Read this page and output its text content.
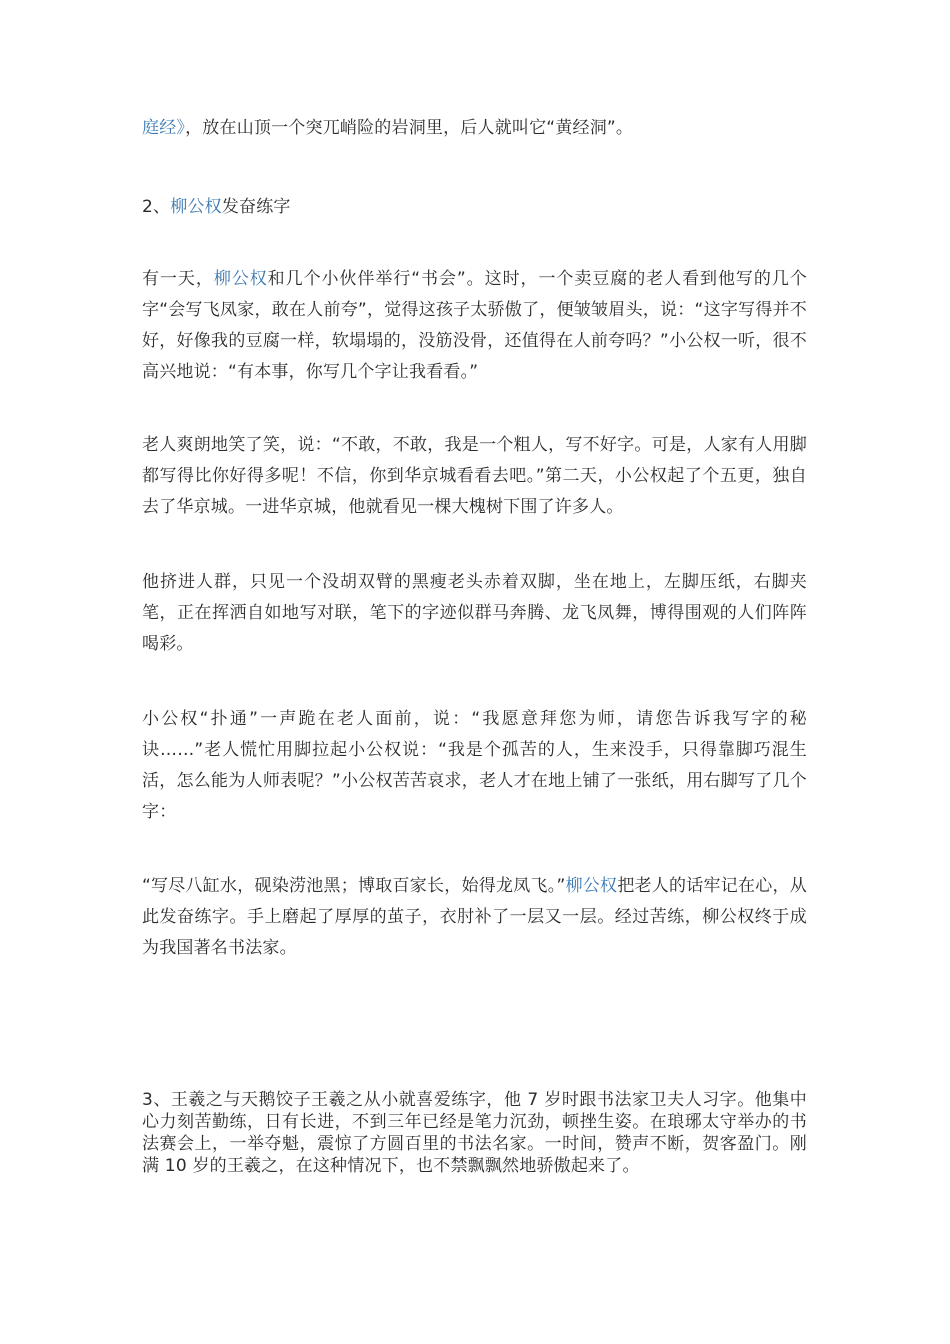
庭经》，放在山顶一个突兀峭险的岩洞里，后人就叫它“黄经洞”。

2、柳公权发奋练字

有一天，柳公权和几个小伙伴举行“书会”。这时，一个卖豆腐的老人看到他写的几个字“会写飞凤家，敢在人前夸”，觉得这孩子太骄傲了，便皱皱眉头，说：“这字写得并不好，好像我的豆腐一样，软塌塌的，没筋没骨，还值得在人前夸吗？”小公权一听，很不高兴地说：“有本事，你写几个字让我看看。”

老人爽朗地笑了笑，说：“不敢，不敢，我是一个粗人，写不好字。可是，人家有人用脚都写得比你好得多呢！不信，你到华京城看看去吧。”第二天，小公权起了个五更，独自去了华京城。一进华京城，他就看见一棵大槐树下围了许多人。

他挤进人群，只见一个没胡双臂的黑瘦老头赤着双脚，坐在地上，左脚压纸，右脚夹笔，正在挥洒自如地写对联，笔下的字迹似群马奔腾、龙飞凤舞，博得围观的人们阵阵喝彩。

小公权“扑通”一声跪在老人面前，说：“我愿意拜您为师，请您告诉我写字的秘诀……”老人慌忙用脚拉起小公权说：“我是个孤苦的人，生来没手，只得靠脚巧混生活，怎么能为人师表呢？”小公权苦苦哀求，老人才在地上铺了一张纸，用右脚写了几个字：

“写尽八缸水，砚染涝池黑；博取百家长，始得龙凤飞。”柳公权把老人的话牢记在心，从此发奋练字。手上磨起了厚厚的茧子，衣肘补了一层又一层。经过苦练，柳公权终于成为我国著名书法家。

3、王羲之与天鹅饺子王羲之从小就喜爱练字，他 7 岁时跟书法家卫夫人习字。他集中心力刻苦勤练，日有长进，不到三年已经是笔力沉劲，顿挫生姿。在琅琊太守举办的书法赛会上，一举夺魁，震惊了方圆百里的书法名家。一时间，赞声不断，贺客盈门。刚满 10 岁的王羲之，在这种情况下，也不禁飘飘然地骄傲起来了。
